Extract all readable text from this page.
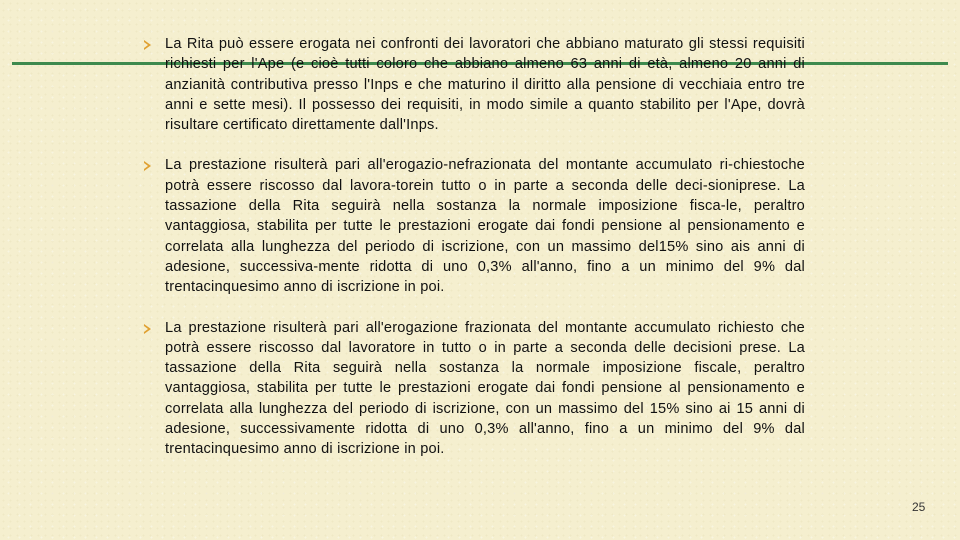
La Rita può essere erogata nei confronti dei lavoratori che abbiano maturato gli stessi requisiti richiesti per l'Ape (e cioè tutti coloro che abbiano almeno 63 anni di età, almeno 20 anni di anzianità contributiva presso l'Inps e che maturino il diritto alla pensione di vecchiaia entro tre anni e sette mesi). Il possesso dei requisiti, in modo simile a quanto stabilito per l'Ape, dovrà risultare certificato direttamente dall'Inps.

La prestazione risulterà pari all'erogazio-nefrazionata del montante accumulato ri-chiestoche potrà essere riscosso dal lavora-torein tutto o in parte a seconda delle deci-sioniprese. La tassazione della Rita seguirà nella sostanza la normale imposizione fisca-le, peraltro vantaggiosa, stabilita per tutte le prestazioni erogate dai fondi pensione al pensionamento e correlata alla lunghezza del periodo di iscrizione, con un massimo del15% sino ais anni di adesione, successiva-mente ridotta di uno 0,3% all'anno, fino a un minimo del 9% dal trentacinquesimo anno di iscrizione in poi.

La prestazione risulterà pari all'erogazione frazionata del montante accumulato richiesto che potrà essere riscosso dal lavoratore in tutto o in parte a seconda delle decisioni prese. La tassazione della Rita seguirà nella sostanza la normale imposizione fiscale, peraltro vantaggiosa, stabilita per tutte le prestazioni erogate dai fondi pensione al pensionamento e correlata alla lunghezza del periodo di iscrizione, con un massimo del 15% sino ai 15 anni di adesione, successivamente ridotta di uno 0,3% all'anno, fino a un minimo del 9% dal trentacinquesimo anno di iscrizione in poi.

25
